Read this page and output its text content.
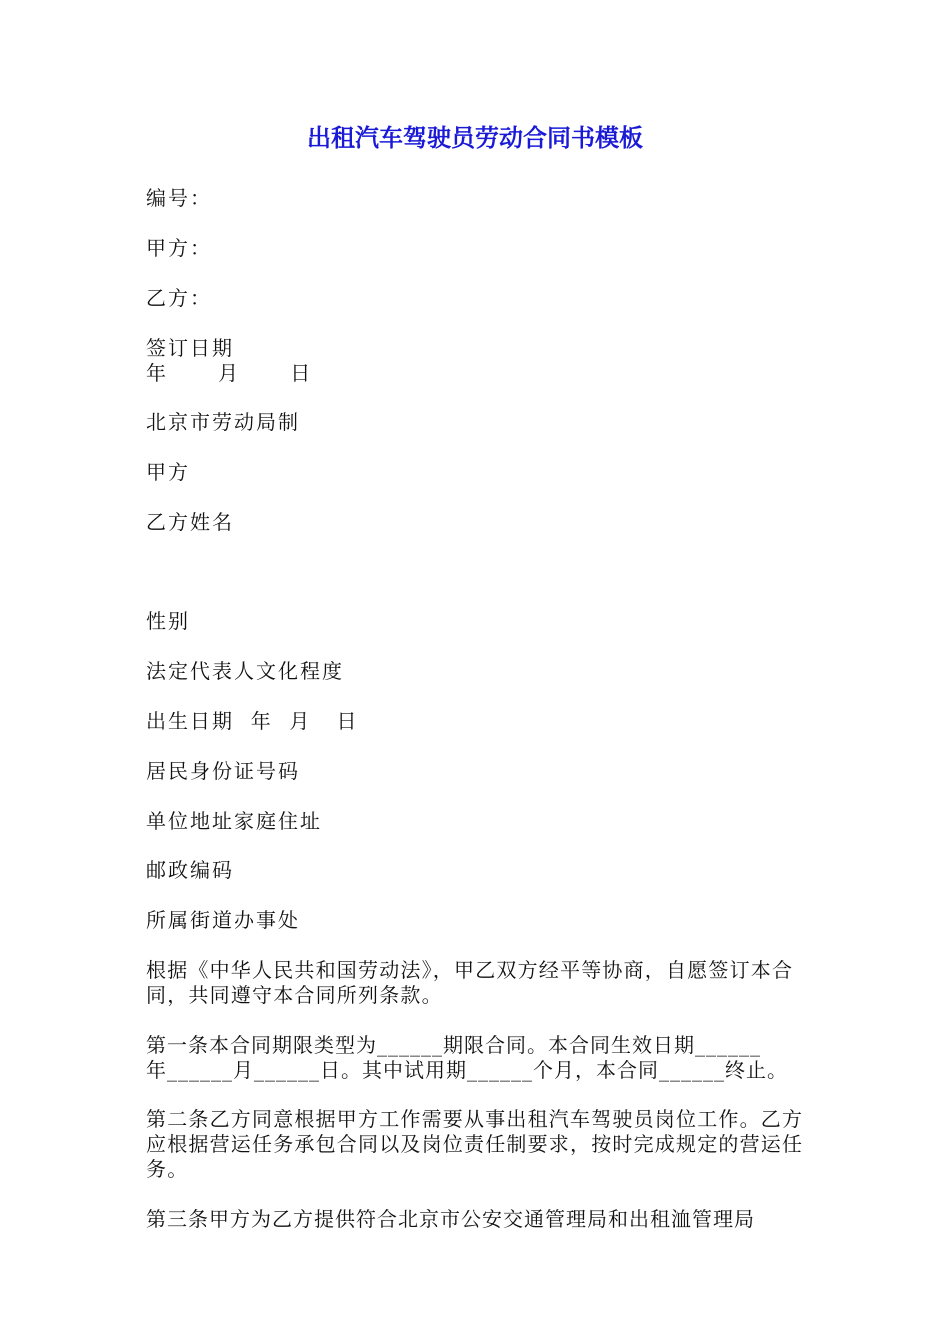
出租汽车驾驶员劳动合同书模板
编号：
甲方：
乙方：
签订日期
年      月      日
北京市劳动局制
甲方
乙方姓名
性别
法定代表人文化程度
出生日期  年  月   日
居民身份证号码
单位地址家庭住址
邮政编码
所属街道办事处
根据《中华人民共和国劳动法》，甲乙双方经平等协商，自愿签订本合同，共同遵守本合同所列条款。
第一条本合同期限类型为______期限合同。本合同生效日期______
年______月______日。其中试用期______个月，本合同______终止。
第二条乙方同意根据甲方工作需要从事出租汽车驾驶员岗位工作。乙方应根据营运任务承包合同以及岗位责任制要求，按时完成规定的营运任务。
第三条甲方为乙方提供符合北京市公安交通管理局和出租洫管理局
